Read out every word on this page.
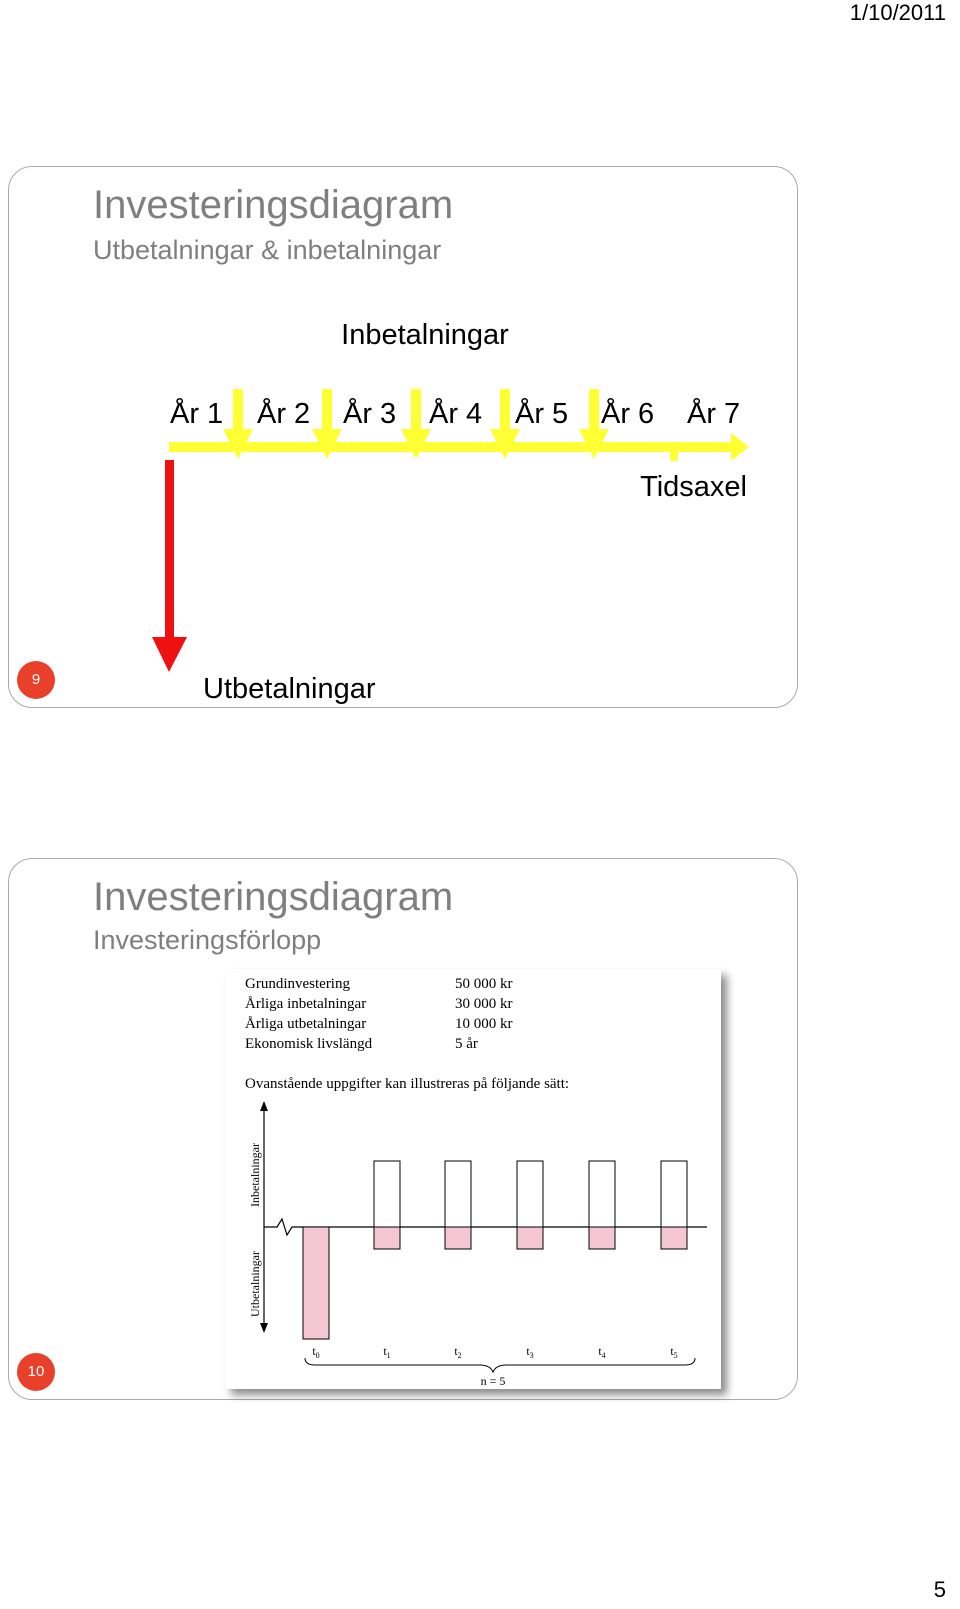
1/10/2011
Investeringsdiagram
Utbetalningar & inbetalningar
Inbetalningar
År 1 År 2 År 3 År 4 År 5 År 6 År 7
Tidsaxel
Utbetalningar
9
Investeringsdiagram
Investeringsförlopp
Grundinvestering	50 000 kr
Årliga inbetalningar	30 000 kr
Årliga utbetalningar	10 000 kr
Ekonomisk livslängd	5 år
Ovanstående uppgifter kan illustreras på följande sätt:
Inbetalningar
Utbetalningar
$t_0$	$t_1$	$t_2$	$t_3$	$t_4$	$t_5$
n = 5
10
5
